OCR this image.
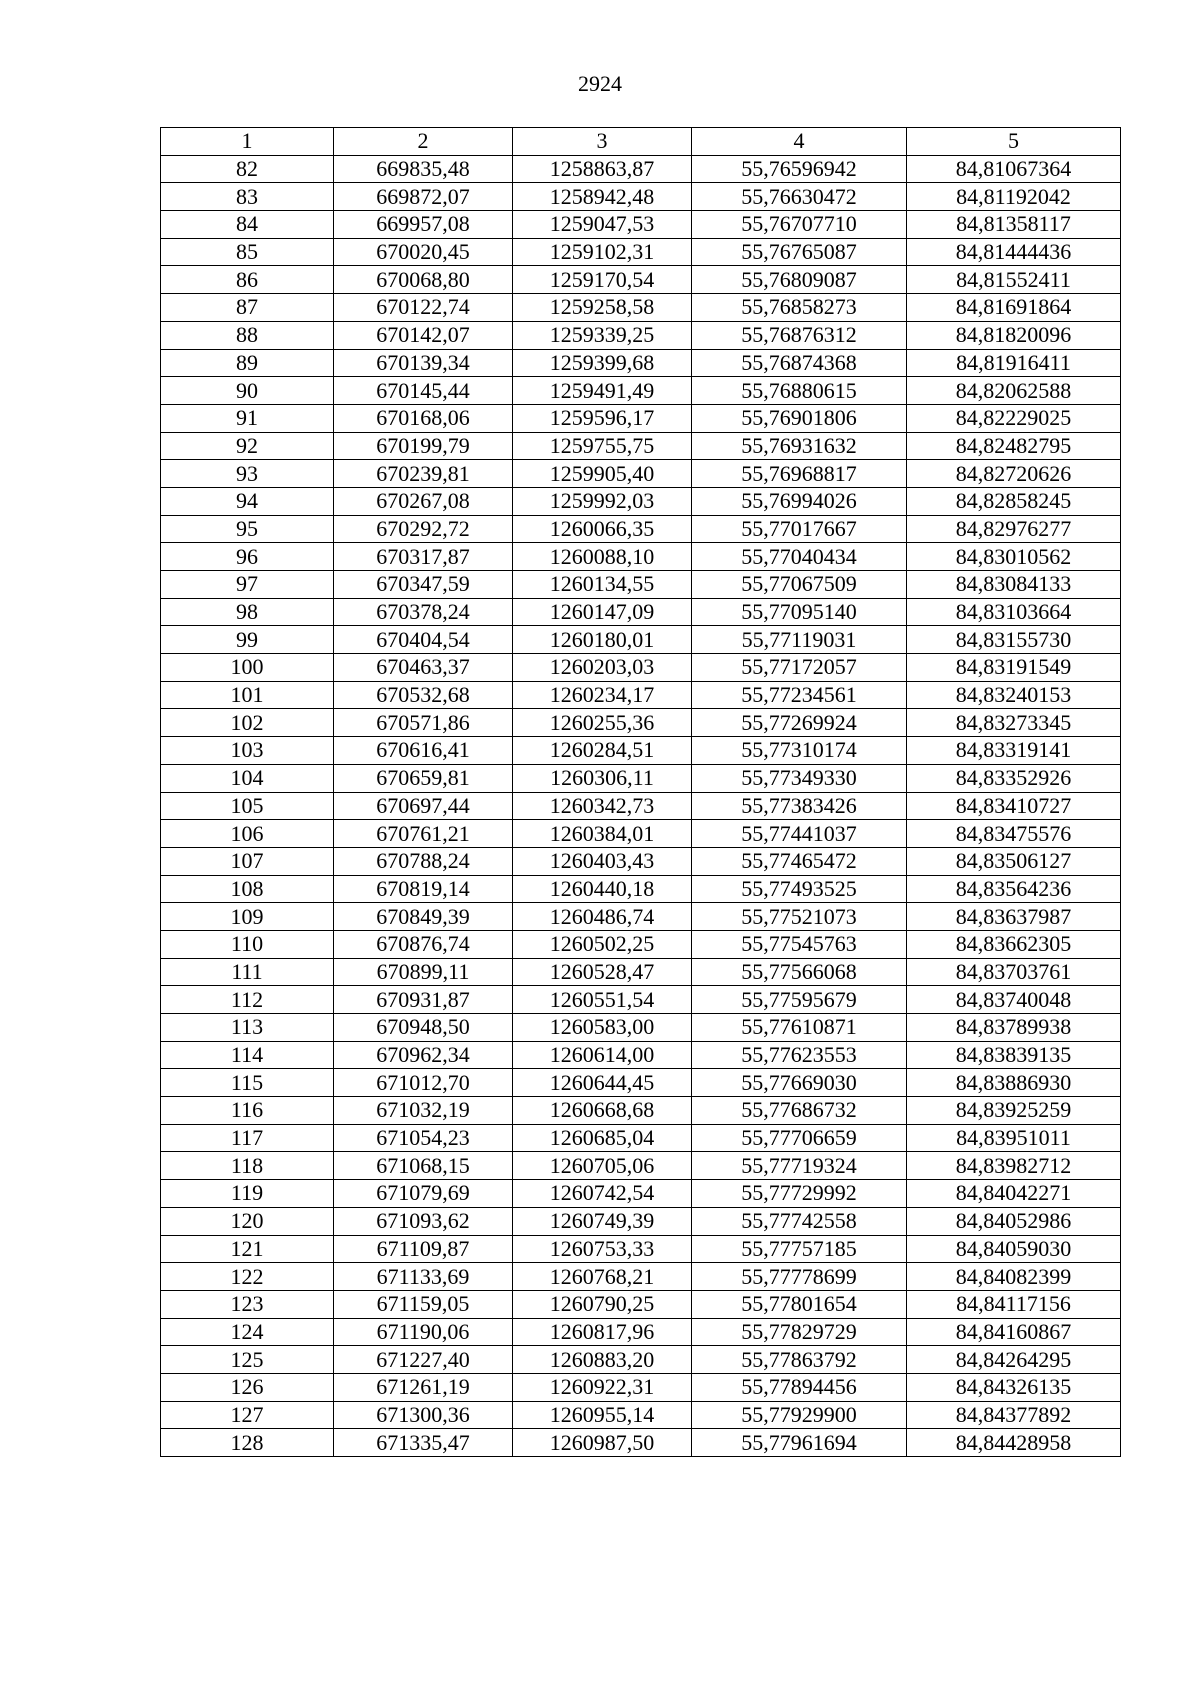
2924
1	2	3	4	5
82	669835,48	1258863,87	55,76596942	84,81067364
83	669872,07	1258942,48	55,76630472	84,81192042
84	669957,08	1259047,53	55,76707710	84,81358117
85	670020,45	1259102,31	55,76765087	84,81444436
86	670068,80	1259170,54	55,76809087	84,81552411
87	670122,74	1259258,58	55,76858273	84,81691864
88	670142,07	1259339,25	55,76876312	84,81820096
89	670139,34	1259399,68	55,76874368	84,81916411
90	670145,44	1259491,49	55,76880615	84,82062588
91	670168,06	1259596,17	55,76901806	84,82229025
92	670199,79	1259755,75	55,76931632	84,82482795
93	670239,81	1259905,40	55,76968817	84,82720626
94	670267,08	1259992,03	55,76994026	84,82858245
95	670292,72	1260066,35	55,77017667	84,82976277
96	670317,87	1260088,10	55,77040434	84,83010562
97	670347,59	1260134,55	55,77067509	84,83084133
98	670378,24	1260147,09	55,77095140	84,83103664
99	670404,54	1260180,01	55,77119031	84,83155730
100	670463,37	1260203,03	55,77172057	84,83191549
101	670532,68	1260234,17	55,77234561	84,83240153
102	670571,86	1260255,36	55,77269924	84,83273345
103	670616,41	1260284,51	55,77310174	84,83319141
104	670659,81	1260306,11	55,77349330	84,83352926
105	670697,44	1260342,73	55,77383426	84,83410727
106	670761,21	1260384,01	55,77441037	84,83475576
107	670788,24	1260403,43	55,77465472	84,83506127
108	670819,14	1260440,18	55,77493525	84,83564236
109	670849,39	1260486,74	55,77521073	84,83637987
110	670876,74	1260502,25	55,77545763	84,83662305
111	670899,11	1260528,47	55,77566068	84,83703761
112	670931,87	1260551,54	55,77595679	84,83740048
113	670948,50	1260583,00	55,77610871	84,83789938
114	670962,34	1260614,00	55,77623553	84,83839135
115	671012,70	1260644,45	55,77669030	84,83886930
116	671032,19	1260668,68	55,77686732	84,83925259
117	671054,23	1260685,04	55,77706659	84,83951011
118	671068,15	1260705,06	55,77719324	84,83982712
119	671079,69	1260742,54	55,77729992	84,84042271
120	671093,62	1260749,39	55,77742558	84,84052986
121	671109,87	1260753,33	55,77757185	84,84059030
122	671133,69	1260768,21	55,77778699	84,84082399
123	671159,05	1260790,25	55,77801654	84,84117156
124	671190,06	1260817,96	55,77829729	84,84160867
125	671227,40	1260883,20	55,77863792	84,84264295
126	671261,19	1260922,31	55,77894456	84,84326135
127	671300,36	1260955,14	55,77929900	84,84377892
128	671335,47	1260987,50	55,77961694	84,84428958
